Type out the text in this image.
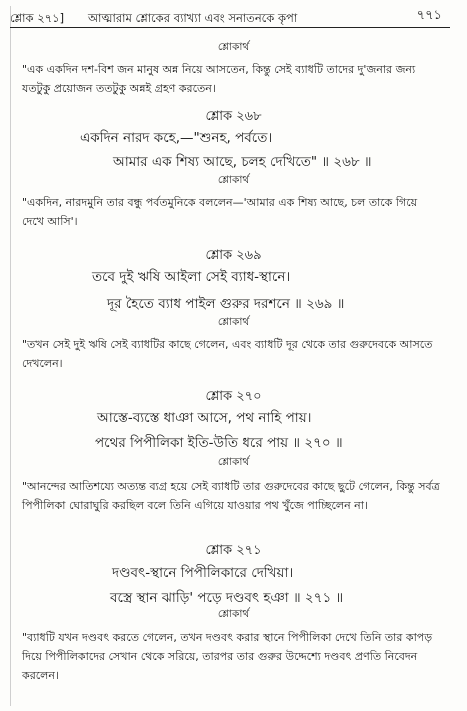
শ্লোক ২৭১] আত্মারাম শ্লোকের ব্যাখ্যা এবং সনাতনকে কৃপা	৭৭১
শ্লোকার্থ
"এক একদিন দশ-বিশ জন মানুষ অন্ন নিয়ে আসতেন, কিন্তু সেই ব্যাধটি তাদের দু'জনার জন্য যতটুকু প্রয়োজন ততটুকু অন্নই গ্রহণ করতেন।
শ্লোক ২৬৮
একদিন নারদ কহে,—"শুনহ, পর্বতে।
আমার এক শিষ্য আছে, চলহ দেখিতে" ॥ ২৬৮ ॥
শ্লোকার্থ
"একদিন, নারদমুনি তার বন্ধু পর্বতমুনিকে বললেন—'আমার এক শিষ্য আছে, চল তাকে গিয়ে দেখে আসি'।
শ্লোক ২৬৯
তবে দুই ঋষি আইলা সেই ব্যাধ-স্থানে।
দূর হৈতে ব্যাধ পাইল গুরুর দরশনে ॥ ২৬৯ ॥
শ্লোকার্থ
"তখন সেই দুই ঋষি সেই ব্যাধটির কাছে গেলেন, এবং ব্যাধটি দূর থেকে তার গুরুদেবকে আসতে দেখলেন।
শ্লোক ২৭০
আস্তে-ব্যস্তে ধাঞা আসে, পথ নাহি পায়।
পথের পিপীলিকা ইতি-উতি ধরে পায় ॥ ২৭০ ॥
শ্লোকার্থ
"আনন্দের আতিশয্যে অত্যন্ত ব্যগ্র হয়ে সেই ব্যাধটি তার গুরুদেবের কাছে ছুটে গেলেন, কিন্তু সর্বত্র পিপীলিকা ঘোরাঘুরি করছিল বলে তিনি এগিয়ে যাওয়ার পথ খুঁজে পাচ্ছিলেন না।
শ্লোক ২৭১
দণ্ডবৎ-স্থানে পিপীলিকারে দেখিয়া।
বস্ত্রে স্থান ঝাড়ি' পড়ে দণ্ডবৎ হঞা ॥ ২৭১ ॥
শ্লোকার্থ
"ব্যাধটি যখন দণ্ডবৎ করতে গেলেন, তখন দণ্ডবৎ করার স্থানে পিপীলিকা দেখে তিনি তার কাপড় দিয়ে পিপীলিকাদের সেখান থেকে সরিয়ে, তারপর তার গুরুর উদ্দেশ্যে দণ্ডবৎ প্রণতি নিবেদন করলেন।
